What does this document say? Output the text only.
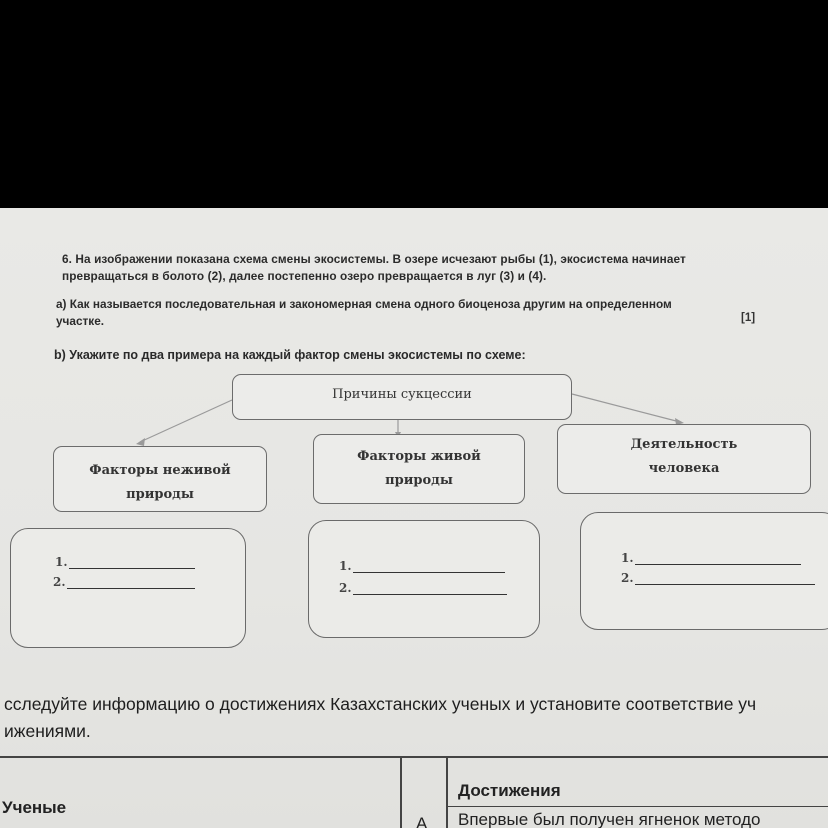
6. На изображении показана схема смены экосистемы. В озере исчезают рыбы (1), экосистема начинает
превращаться в болото (2), далее постепенно озеро превращается в луг (3) и (4).
а) Как называется последовательная и закономерная смена одного биоценоза другим на определенном
участке.	[1]
b) Укажите по два примера на каждый фактор смены экосистемы по схеме:
Причины сукцессии
Факторы неживой
природы
Факторы живой
природы
Деятельность
человека
1.
2.
1.
2.
1.
2.
сследуйте информацию о достижениях Казахстанских ученых и установите соответствие уч
ижениями.
Ученые
Достижения
A Впервые был получен ягненок методо
